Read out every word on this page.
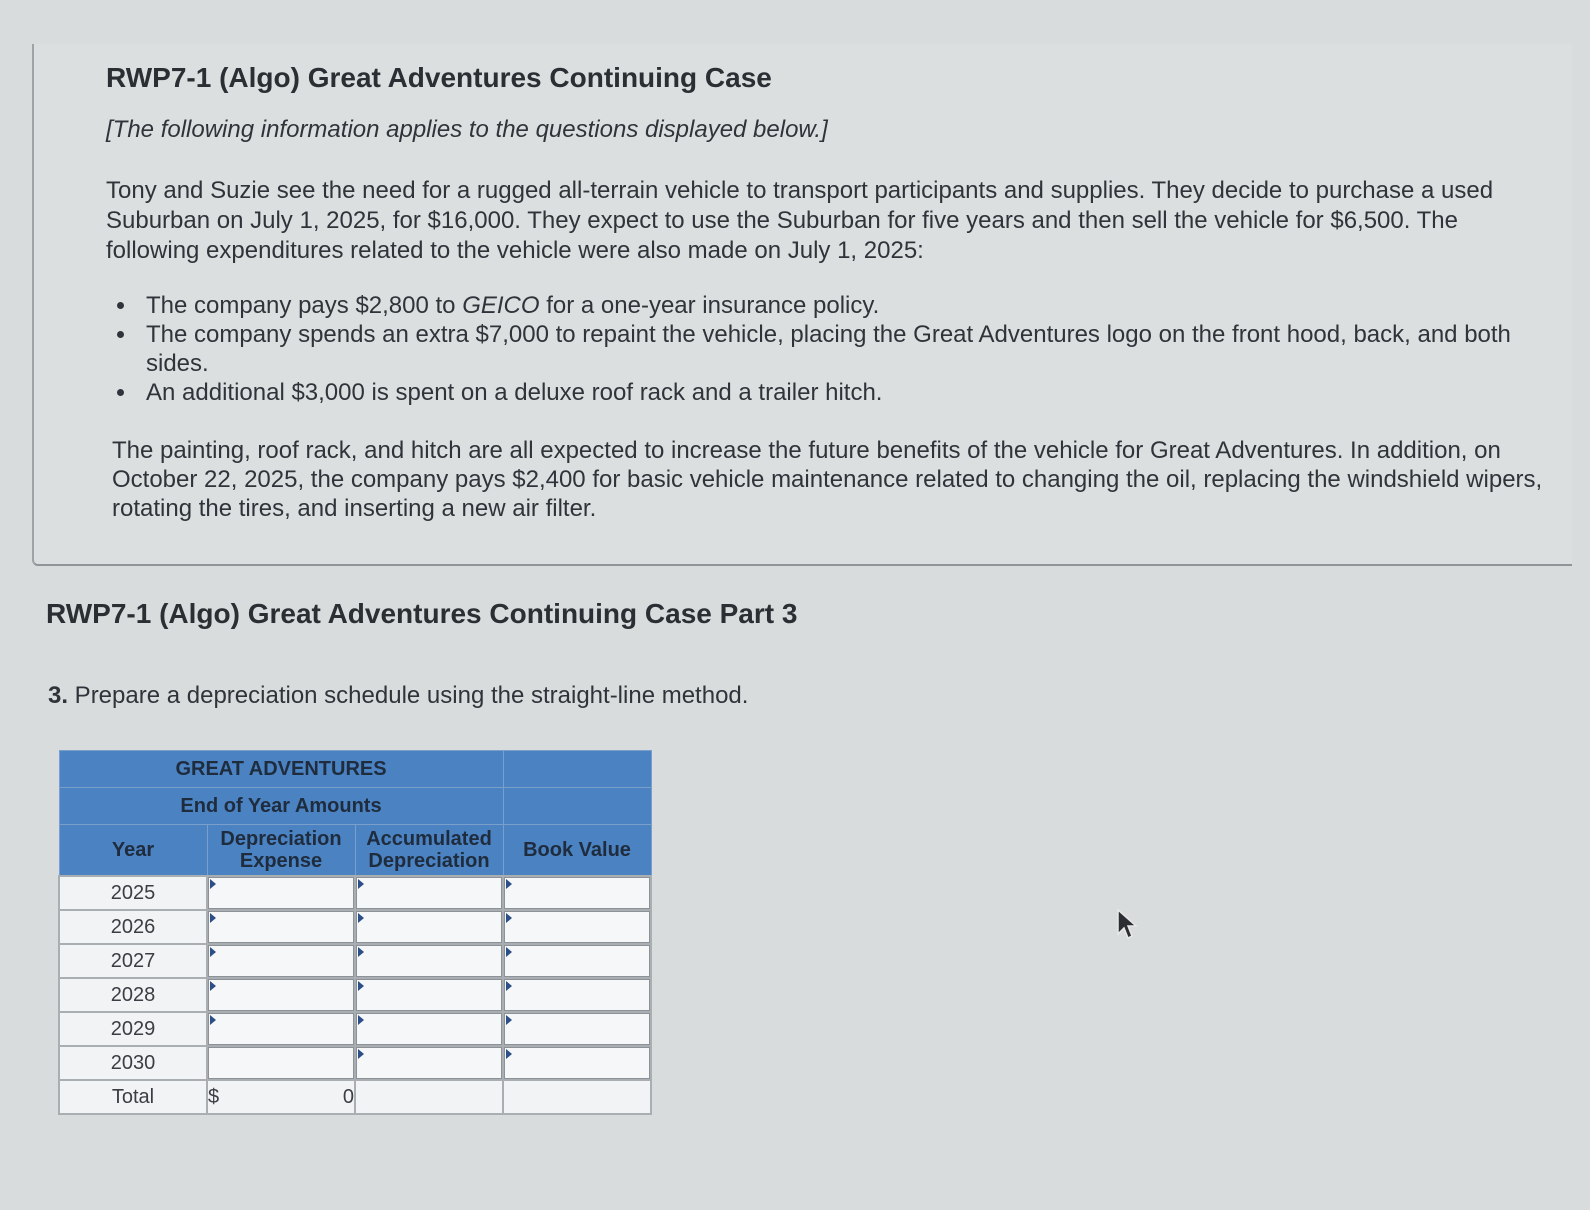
RWP7-1 (Algo) Great Adventures Continuing Case

[The following information applies to the questions displayed below.]

Tony and Suzie see the need for a rugged all-terrain vehicle to transport participants and supplies. They decide to purchase a used Suburban on July 1, 2025, for $16,000. They expect to use the Suburban for five years and then sell the vehicle for $6,500. The following expenditures related to the vehicle were also made on July 1, 2025:

• The company pays $2,800 to GEICO for a one-year insurance policy.
• The company spends an extra $7,000 to repaint the vehicle, placing the Great Adventures logo on the front hood, back, and both sides.
• An additional $3,000 is spent on a deluxe roof rack and a trailer hitch.

The painting, roof rack, and hitch are all expected to increase the future benefits of the vehicle for Great Adventures. In addition, on October 22, 2025, the company pays $2,400 for basic vehicle maintenance related to changing the oil, replacing the windshield wipers, rotating the tires, and inserting a new air filter.

RWP7-1 (Algo) Great Adventures Continuing Case Part 3

3. Prepare a depreciation schedule using the straight-line method.

GREAT ADVENTURES			
End of Year Amounts			
Year	Depreciation Expense	Accumulated Depreciation	Book Value
2025	

2026	

2027	

2028	

2029	

2030		

Total	$ 0		
